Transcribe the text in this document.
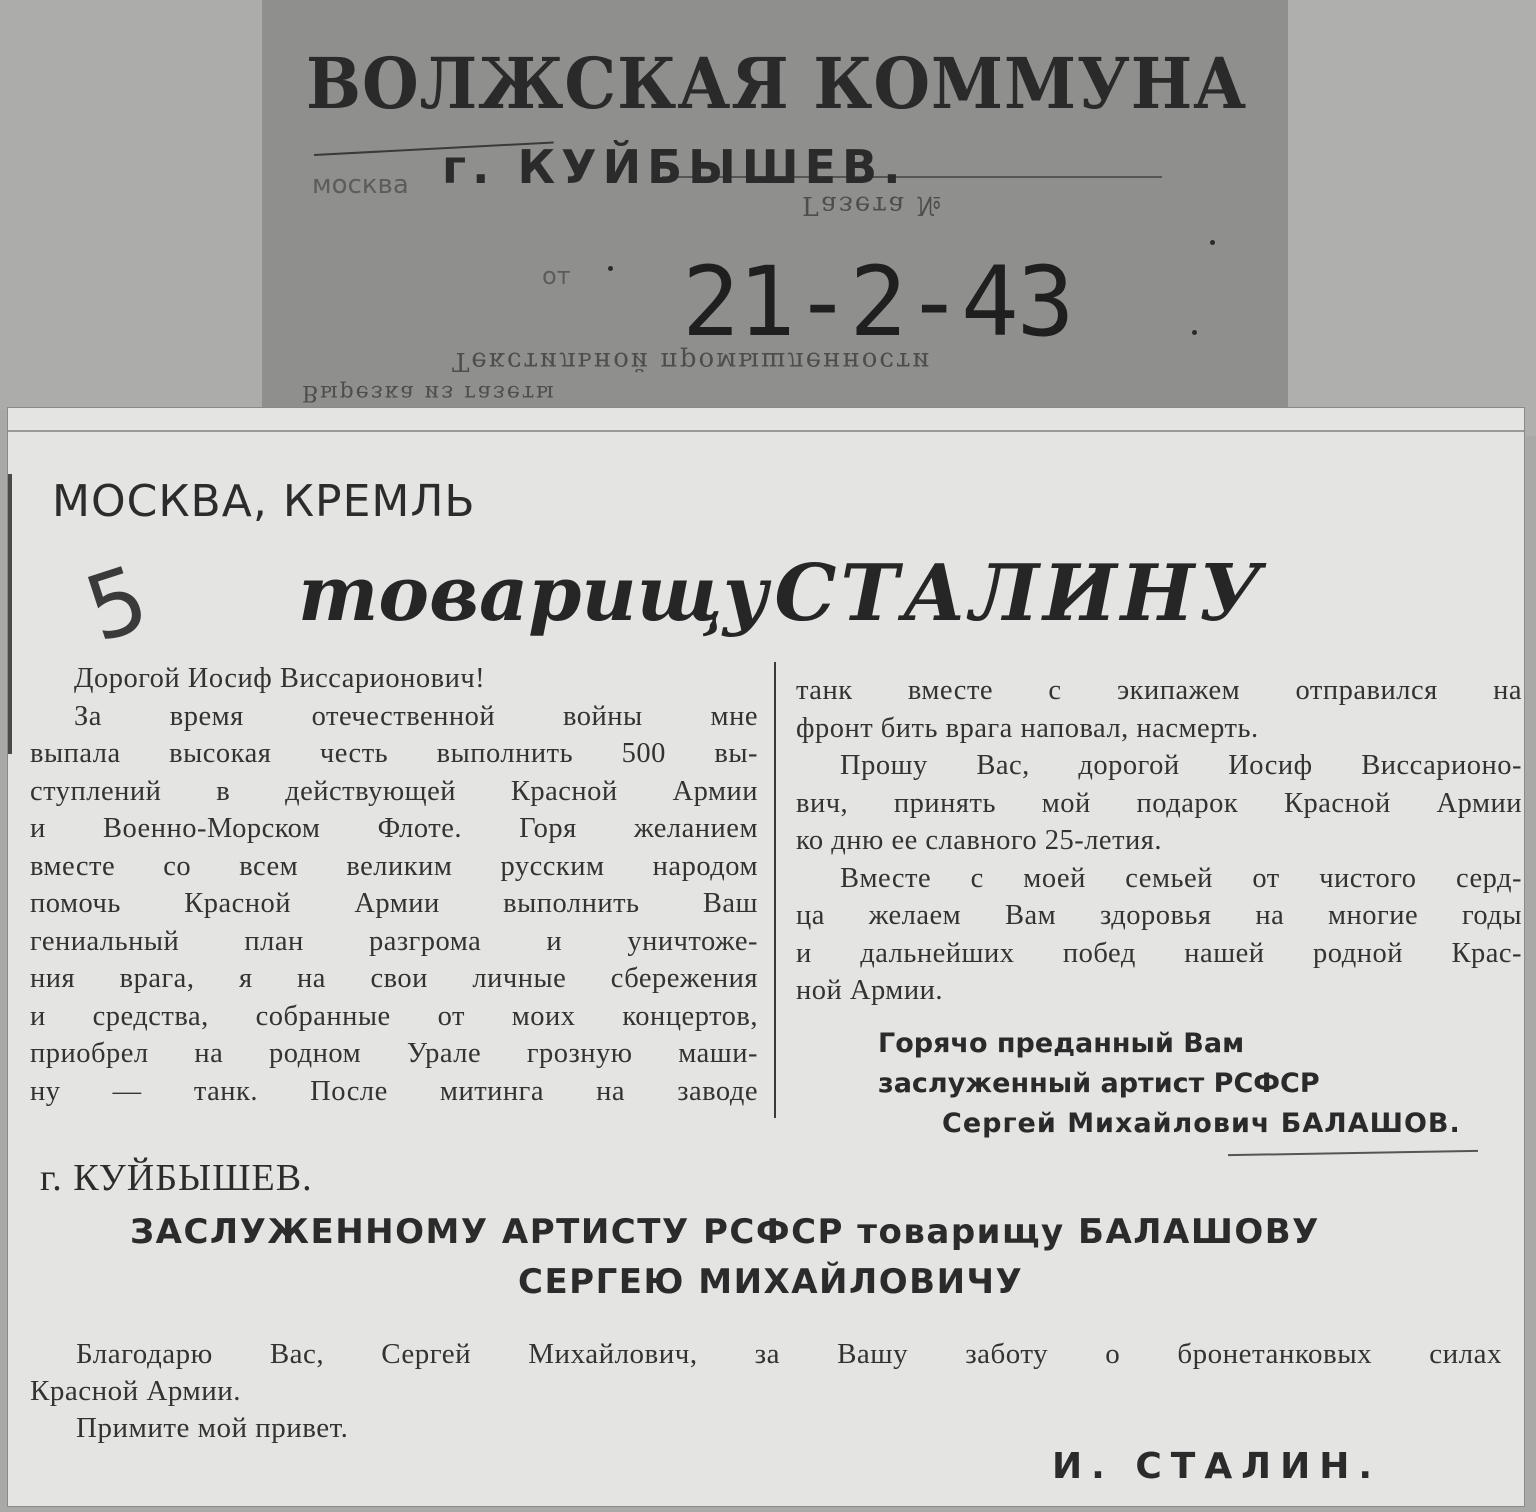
ВОЛЖСКАЯ КОММУНА
москва г. КУЙБЫШЕВ.

Газета №
от 21-2-43

Текстильной промышленности
Вырезка из газеты

МОСКВА, КРЕМЛЬ

5 товарищу СТАЛИНУ

Дорогой Иосиф Виссарионович!

За время отечественной войны мне

выпала высокая честь выполнить 500 вы-

ступлений в действующей Красной Армии

и Военно-Морском Флоте. Горя желанием

вместе со всем великим русским народом

помочь Красной Армии выполнить Ваш

гениальный план разгрома и уничтоже-

ния врага, я на свои личные сбережения

и средства, собранные от моих концертов,

приобрел на родном Урале грозную маши-

ну — танк. После митинга на заводе

танк вместе с экипажем отправился на

фронт бить врага наповал, насмерть.

Прошу Вас, дорогой Иосиф Виссарионо-

вич, принять мой подарок Красной Армии

ко дню ее славного 25-летия.

Вместе с моей семьей от чистого серд-

ца желаем Вам здоровья на многие годы

и дальнейших побед нашей родной Крас-

ной Армии.

Горячо преданный Вам
заслуженный артист РСФСР
Сергей Михайлович БАЛАШОВ.

г. КУЙБЫШЕВ.

ЗАСЛУЖЕННОМУ АРТИСТУ РСФСР товарищу БАЛАШОВУ

СЕРГЕЮ МИХАЙЛОВИЧУ

Благодарю Вас, Сергей Михайлович, за Вашу заботу о бронетанковых силах

Красной Армии.

Примите мой привет.

И. СТАЛИН.
